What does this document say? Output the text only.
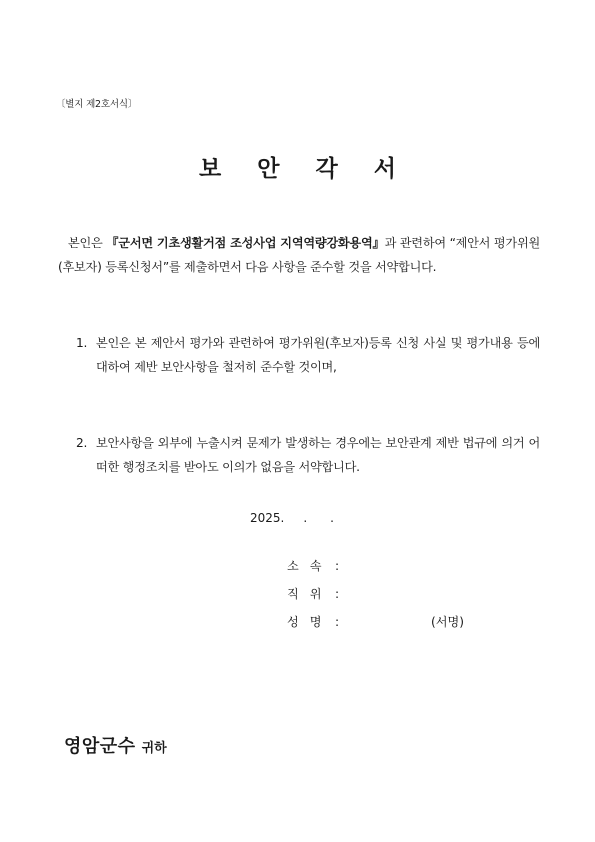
〔별지 제2호서식〕
보 안 각 서

본인은 『군서면 기초생활거점 조성사업 지역역량강화용역』과 관련하여 “제안서 평가위원(후보자) 등록신청서”를 제출하면서 다음 사항을 준수할 것을 서약합니다.

1. 본인은 본 제안서 평가와 관련하여 평가위원(후보자)등록 신청 사실 및 평가내용 등에 대하여 제반 보안사항을 철저히 준수할 것이며,
2. 보안사항을 외부에 누출시켜 문제가 발생하는 경우에는 보안관계 제반 법규에 의거 어떠한 행정조치를 받아도 이의가 없음을 서약합니다.
2025.     .      .
소속 :
직위 :
성명 :	(서명)
영암군수 귀하
